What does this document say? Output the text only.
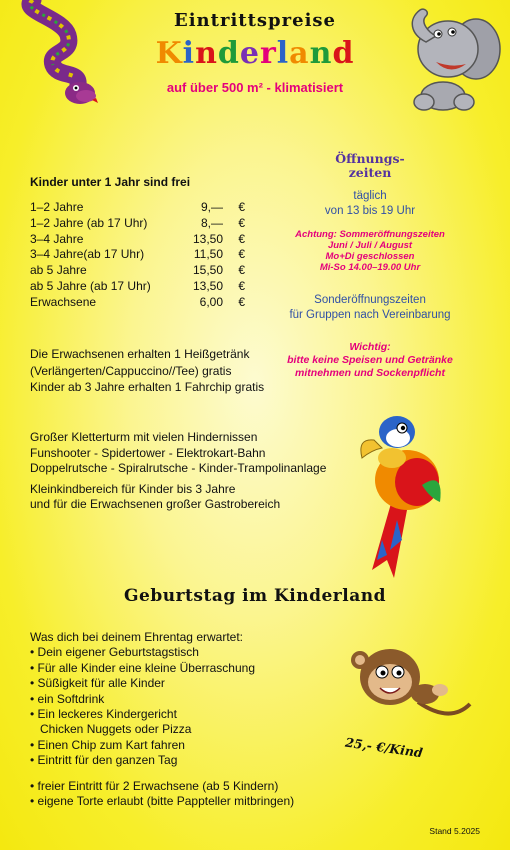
Eintrittspreise
Kinderland
auf über 500 m² - klimatisiert
Kinder unter 1 Jahr sind frei
1–2 Jahre	9,—	€
1–2 Jahre (ab 17 Uhr)	8,—	€
3–4 Jahre	13,50	€
3–4 Jahre(ab 17 Uhr)	11,50	€
ab 5 Jahre	15,50	€
ab 5 Jahre (ab 17 Uhr)	13,50	€
Erwachsene	6,00	€
Öffnungs-
zeiten
täglich
von 13 bis 19 Uhr
Achtung: Sommeröffnungszeiten
Juni / Juli / August
Mo+Di geschlossen
Mi-So 14.00–19.00 Uhr
Sonderöffnungszeiten
für Gruppen nach Vereinbarung
Wichtig:
bitte keine Speisen und Getränke
mitnehmen und Sockenpflicht
Die Erwachsenen erhalten 1 Heißgetränk
(Verlängerten/Cappuccino//Tee) gratis
Kinder ab 3 Jahre erhalten 1 Fahrchip gratis
Großer Kletterturm mit vielen Hindernissen
Funshooter - Spidertower - Elektrokart-Bahn
Doppelrutsche - Spiralrutsche - Kinder-Trampolinanlage
Kleinkindbereich für Kinder bis 3 Jahre
und für die Erwachsenen großer Gastrobereich
Geburtstag im Kinderland
Was dich bei deinem Ehrentag erwartet:
• Dein eigener Geburtstagstisch
• Für alle Kinder eine kleine Überraschung
• Süßigkeit für alle Kinder
• ein Softdrink
• Ein leckeres Kindergericht
Chicken Nuggets oder Pizza
• Einen Chip zum Kart fahren
• Eintritt für den ganzen Tag
• freier Eintritt für 2 Erwachsene (ab 5 Kindern)
• eigene Torte erlaubt (bitte Pappteller mitbringen)
25,- €/Kind
Stand 5.2025
